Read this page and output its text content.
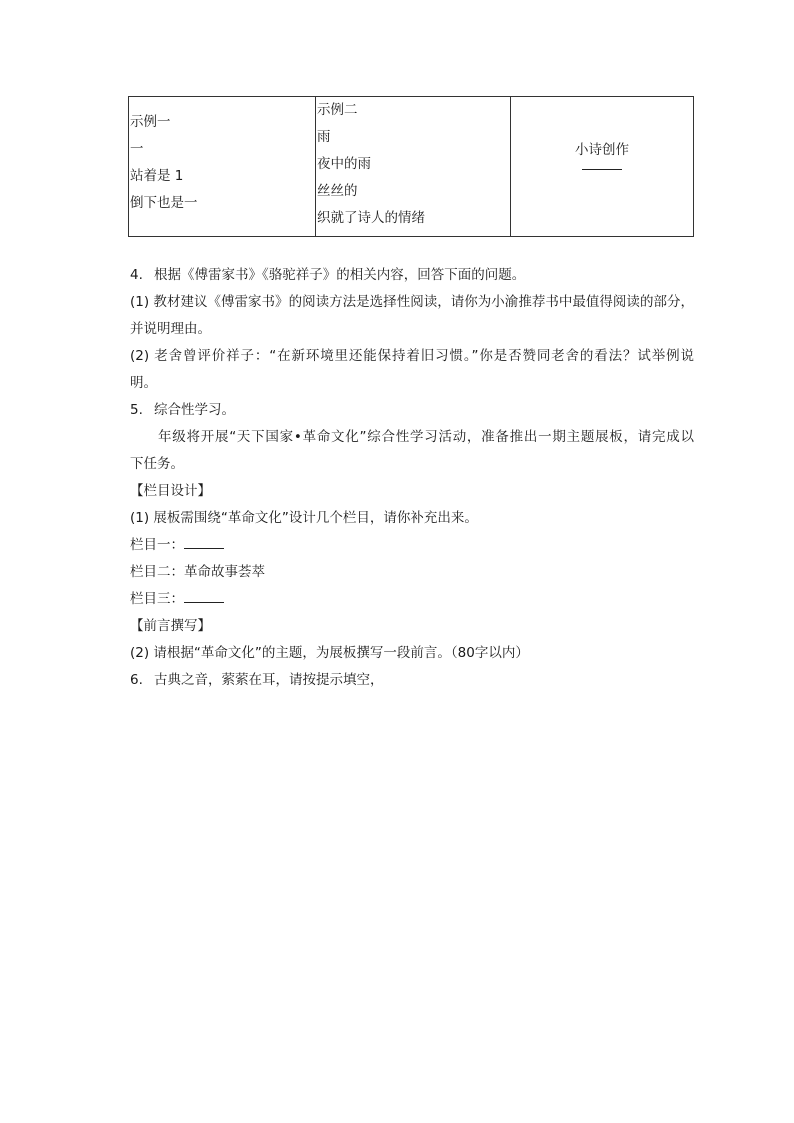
示例一
一
站着是 1
倒下也是一

示例二
雨
夜中的雨
丝丝的
织就了诗人的情绪

小诗创作
4. 根据《傅雷家书》《骆驼祥子》的相关内容，回答下面的问题。
(1) 教材建议《傅雷家书》的阅读方法是选择性阅读，请你为小渝推荐书中最值得阅读的部分，
并说明理由。
(2) 老舍曾评价祥子：“在新环境里还能保持着旧习惯。”你是否赞同老舍的看法？试举例说
明。
5. 综合性学习。
年级将开展“天下国家•革命文化”综合性学习活动，准备推出一期主题展板，请完成以
下任务。
【栏目设计】
(1) 展板需围绕“革命文化”设计几个栏目，请你补充出来。
栏目一：
栏目二：革命故事荟萃
栏目三：
【前言撰写】
(2) 请根据“革命文化”的主题，为展板撰写一段前言。（80字以内）
6. 古典之音，萦萦在耳，请按提示填空，
